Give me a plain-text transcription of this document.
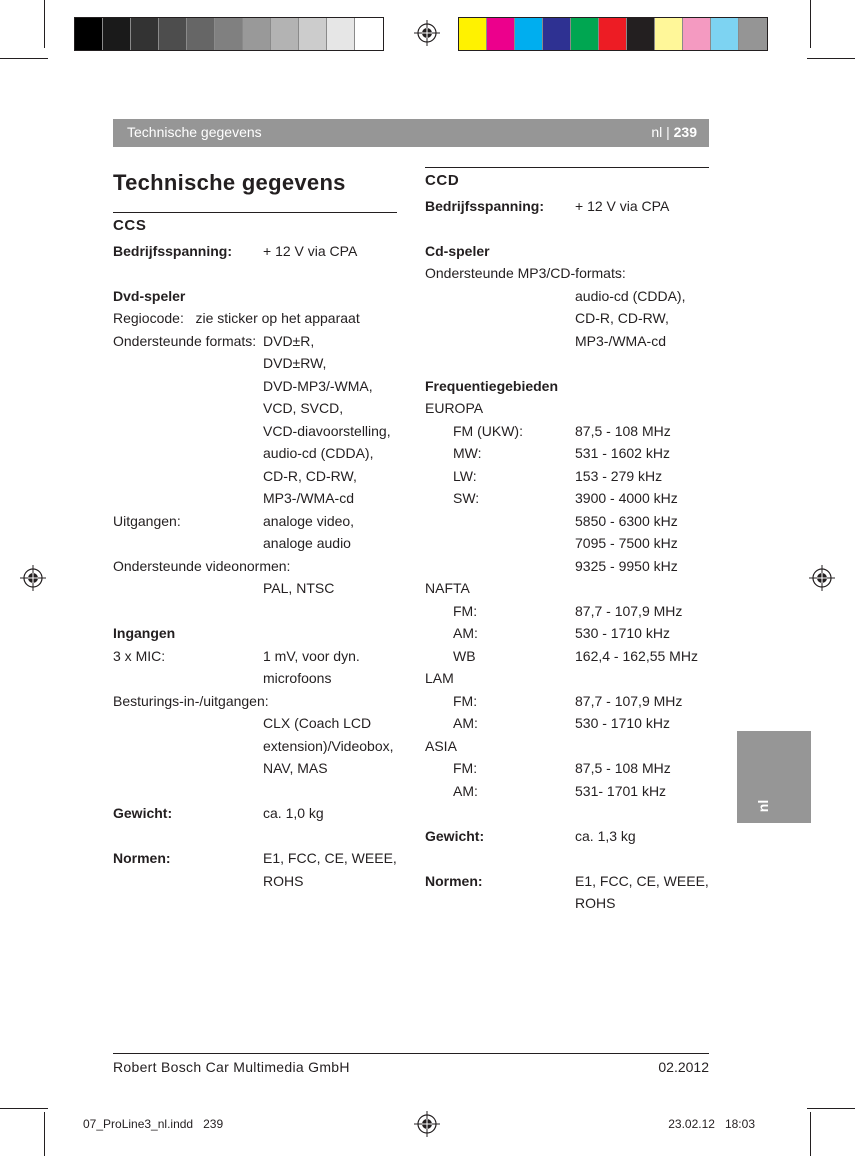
Technische gegevens	nl | 239
Technische gegevens
CCS
Bedrijfsspanning: + 12 V via CPA
Dvd-speler
Regiocode:   zie sticker op het apparaat
Ondersteunde formats: DVD±R,
DVD±RW,
DVD-MP3/-WMA,
VCD, SVCD,
VCD-diavoorstelling,
audio-cd (CDDA),
CD-R, CD-RW,
MP3-/WMA-cd
Uitgangen:	analoge video,
analoge audio
Ondersteunde videonormen:
PAL, NTSC
Ingangen
3 x MIC:	1 mV, voor dyn.
microfoons
Besturings-in-/uitgangen:
CLX (Coach LCD
extension)/Videobox,
NAV, MAS
Gewicht:	ca. 1,0 kg
Normen:	E1, FCC, CE, WEEE,
ROHS
CCD
Bedrijfsspanning: + 12 V via CPA
Cd-speler
Ondersteunde MP3/CD-formats:
audio-cd (CDDA),
CD-R, CD-RW,
MP3-/WMA-cd
Frequentiegebieden
EUROPA
FM (UKW):	87,5 - 108 MHz
MW:	531 - 1602 kHz
LW:	153 - 279 kHz
SW:	3900 - 4000 kHz
5850 - 6300 kHz
7095 - 7500 kHz
9325 - 9950 kHz
NAFTA
FM:	87,7 - 107,9 MHz
AM:	530 - 1710 kHz
WB	162,4 - 162,55 MHz
LAM
FM:	87,7 - 107,9 MHz
AM:	530 - 1710 kHz
ASIA
FM:	87,5 - 108 MHz
AM:	531- 1701 kHz
Gewicht:	ca. 1,3 kg
Normen:	E1, FCC, CE, WEEE,
ROHS
nl
Robert Bosch Car Multimedia GmbH	02.2012
07_ProLine3_nl.indd   239	23.02.12   18:03
